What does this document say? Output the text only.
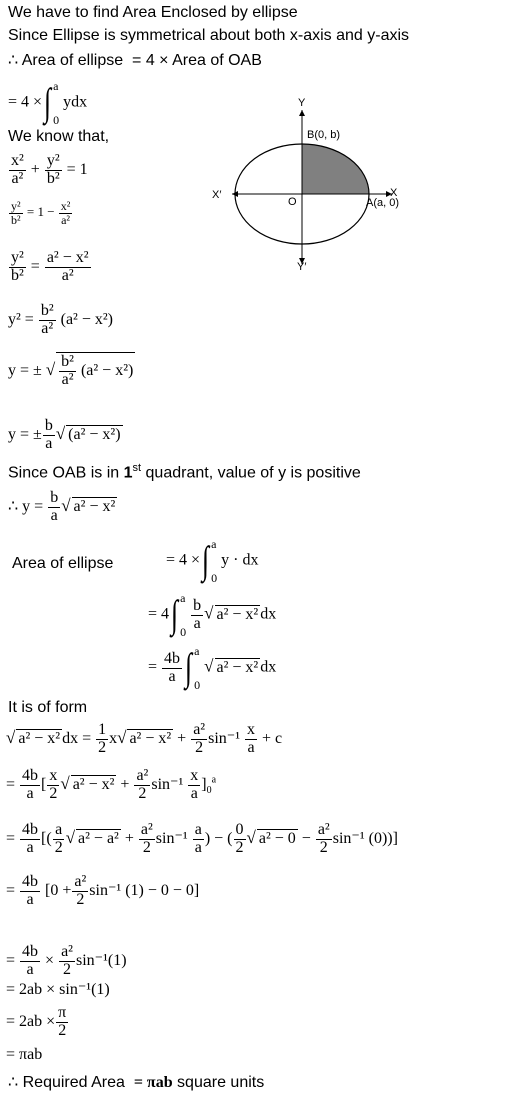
We have to find Area Enclosed by ellipse
Since Ellipse is symmetrical about both x-axis and y-axis
∴ Area of ellipse = 4 × Area of OAB
= 4 ×∫ a
0
ydx
We know that,
$\frac{\text{x²}}{\text{a²}} + \frac{\text{y²}}{\text{b²}} = 1$
$\frac{\text{y²}}{\text{b²}} = 1 - \frac{\text{x²}}{\text{a²}}$
$\frac{\text{y²}}{\text{b²}} = \frac{\text{a² − x²}}{\text{a²}}$
$y^2 = \frac{\text{b²}}{\text{a²}} (a^2 - x^2)$
y = ± √ $\frac{\text{b²}}{\text{a²}} (a^2 - x^2)$
y = ± $\frac{b}{a}$ √ (a² − x²)
Since OAB is in 1st quadrant, value of y is positive
∴ $y = \frac{b}{a}$ √ a² − x²
Area of ellipse	= 4 ×∫ a
0
y · dx
= 4∫ a
$0 \frac{b}{a}$ √ a² − x² dx
= $\frac{4b}{a}$ ∫ a
0
√ a² − x² dx
It is of form
√ a² − x² dx = $\frac{1}{2} x√$ $a^2 - x^2 + \frac{\text{a²}}{2} \sin^{-1} \frac{x}{a} + c$
= $\frac{4b}{a}$ [ $\frac{x}{2}$ √ $a^2 - x^2 + \frac{\text{a²}}{2} \sin^{-1} \frac{x}{a} ]_0^a$
= $\frac{4b}{a}$ [( $\frac{a}{2}$ √ $a^2 - a^2 + \frac{\text{a²}}{2} \sin^{-1} \frac{a}{a}$ ) − ( $\frac{0}{2}$ √ $a^2 - 0 - \frac{\text{a²}}{2} \sin^{-1}$ (0))]
= $\frac{4b}{a} [0 + \frac{\text{a²}}{2} \sin^{-1}$ (1) − 0 − 0]
= $\frac{4b}{a} \times \frac{\text{a²}}{2} \sin^{-1}(1)$
= 2ab × sin⁻¹(1)
= $2ab \times \frac{\pi}{2}$
= πab
∴ Required Area = πab square units
Y
Y′
X
X′
O	A(a, 0)
B(0, b)
